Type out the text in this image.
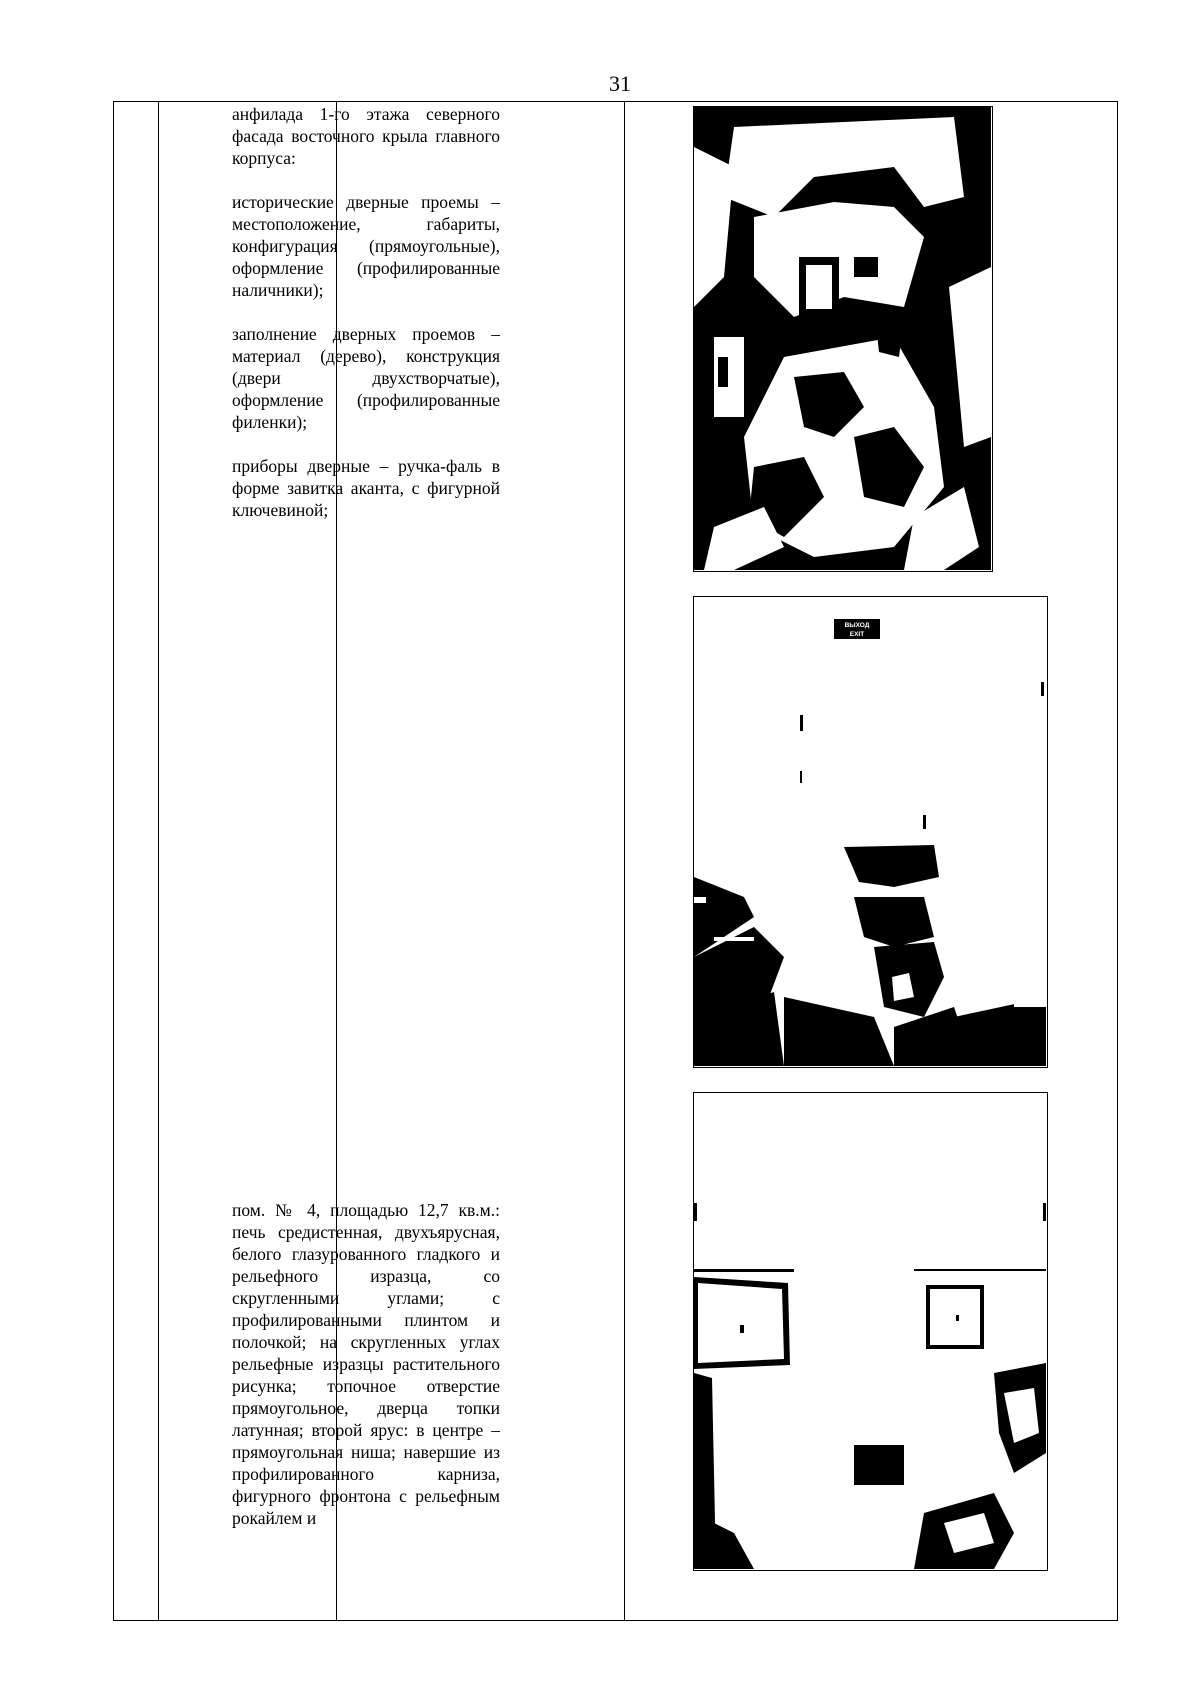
31

анфилада 1-го этажа северного фасада восточного крыла главного корпуса:

исторические дверные проемы – местоположение, габариты, конфигурация (прямоугольные), оформление (профилированные наличники);

заполнение дверных проемов – материал (дерево), конструкция (двери двухстворчатые), оформление (профилированные филенки);

приборы дверные – ручка-фаль в форме завитка аканта, с фигурной ключевиной;

пом. № 4, площадью 12,7 кв.м.: печь средистенная, двухъярусная, белого глазурованного гладкого и рельефного изразца, со скругленными углами; с профилированными плинтом и полочкой; на скругленных углах рельефные изразцы растительного рисунка; топочное отверстие прямоугольное, дверца топки латунная; второй ярус: в центре – прямоугольная ниша; навершие из профилированного карниза, фигурного фронтона с рельефным рокайлем и

ВЫХОД
EXIT
